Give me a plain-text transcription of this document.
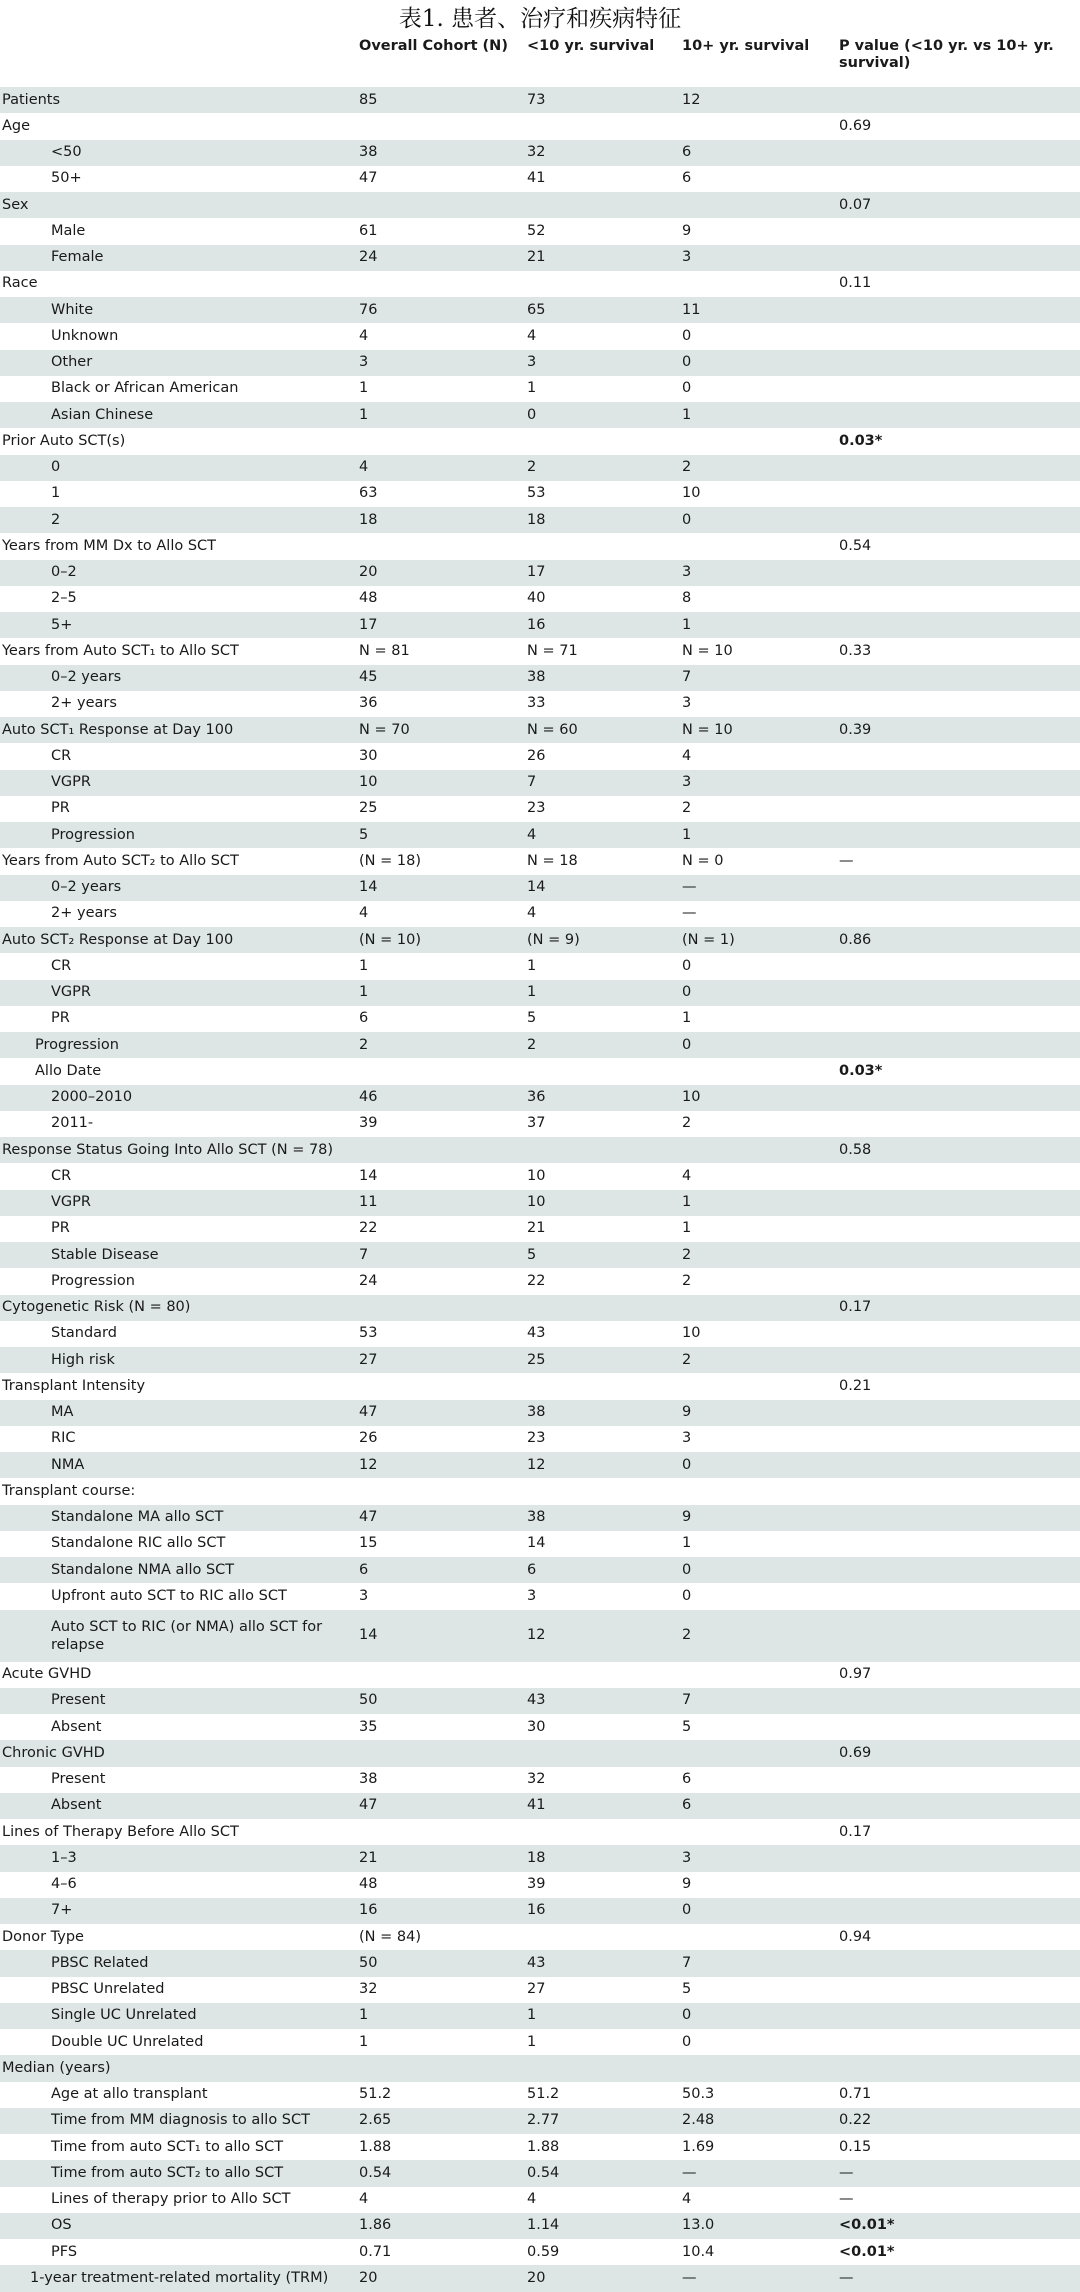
表1. 患者、治疗和疾病特征
	Overall Cohort (N)	<10 yr. survival	10+ yr. survival	P value (<10 yr. vs 10+ yr. survival)
Patients	85	73	12	
Age				0.69
<50	38	32	6	
50+	47	41	6	
Sex				0.07
Male	61	52	9	
Female	24	21	3	
Race				0.11
White	76	65	11	
Unknown	4	4	0	
Other	3	3	0	
Black or African American	1	1	0	
Asian Chinese	1	0	1	
Prior Auto SCT(s)				0.03*
0	4	2	2	
1	63	53	10	
2	18	18	0	
Years from MM Dx to Allo SCT				0.54
0–2	20	17	3	
2–5	48	40	8	
5+	17	16	1	
Years from Auto SCT₁ to Allo SCT	N = 81	N = 71	N = 10	0.33
0–2 years	45	38	7	
2+ years	36	33	3	
Auto SCT₁ Response at Day 100	N = 70	N = 60	N = 10	0.39
CR	30	26	4	
VGPR	10	7	3	
PR	25	23	2	
Progression	5	4	1	
Years from Auto SCT₂ to Allo SCT	(N = 18)	N = 18	N = 0	—
0–2 years	14	14	—	
2+ years	4	4	—	
Auto SCT₂ Response at Day 100	(N = 10)	(N = 9)	(N = 1)	0.86
CR	1	1	0	
VGPR	1	1	0	
PR	6	5	1	
Progression	2	2	0	
Allo Date				0.03*
2000–2010	46	36	10	
2011-	39	37	2	
Response Status Going Into Allo SCT (N = 78)				0.58
CR	14	10	4	
VGPR	11	10	1	
PR	22	21	1	
Stable Disease	7	5	2	
Progression	24	22	2	
Cytogenetic Risk (N = 80)				0.17
Standard	53	43	10	
High risk	27	25	2	
Transplant Intensity				0.21
MA	47	38	9	
RIC	26	23	3	
NMA	12	12	0	
Transplant course:				
Standalone MA allo SCT	47	38	9	
Standalone RIC allo SCT	15	14	1	
Standalone NMA allo SCT	6	6	0	
Upfront auto SCT to RIC allo SCT	3	3	0	
Auto SCT to RIC (or NMA) allo SCT for relapse	14	12	2	
Acute GVHD				0.97
Present	50	43	7	
Absent	35	30	5	
Chronic GVHD				0.69
Present	38	32	6	
Absent	47	41	6	
Lines of Therapy Before Allo SCT				0.17
1–3	21	18	3	
4–6	48	39	9	
7+	16	16	0	
Donor Type	(N = 84)			0.94
PBSC Related	50	43	7	
PBSC Unrelated	32	27	5	
Single UC Unrelated	1	1	0	
Double UC Unrelated	1	1	0	
Median (years)				
Age at allo transplant	51.2	51.2	50.3	0.71
Time from MM diagnosis to allo SCT	2.65	2.77	2.48	0.22
Time from auto SCT₁ to allo SCT	1.88	1.88	1.69	0.15
Time from auto SCT₂ to allo SCT	0.54	0.54	—	—
Lines of therapy prior to Allo SCT	4	4	4	—
OS	1.86	1.14	13.0	<0.01*
PFS	0.71	0.59	10.4	<0.01*
1-year treatment-related mortality (TRM)	20	20	—	—
